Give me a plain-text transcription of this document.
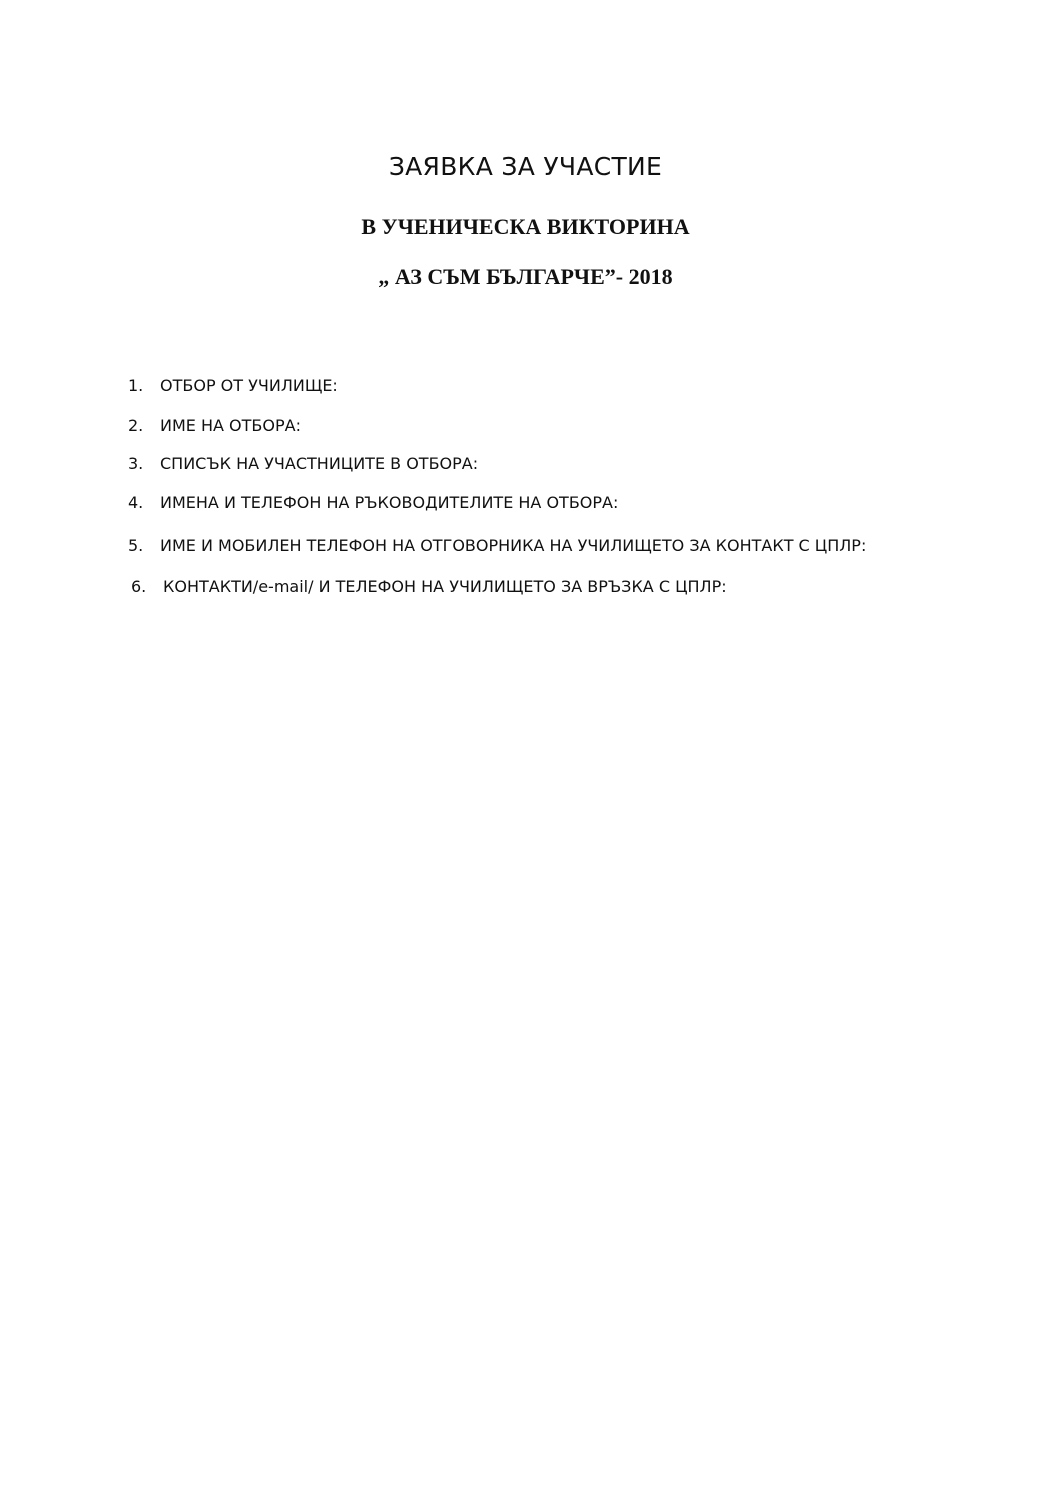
ЗАЯВКА ЗА УЧАСТИЕ
В УЧЕНИЧЕСКА ВИКТОРИНА
„ АЗ СЪМ БЪЛГАРЧЕ”- 2018
1. ОТБОР ОТ УЧИЛИЩЕ:
2. ИМЕ НА ОТБОРА:
3. СПИСЪК НА УЧАСТНИЦИТЕ В ОТБОРА:
4. ИМЕНА И ТЕЛЕФОН НА РЪКОВОДИТЕЛИТЕ НА ОТБОРА:
5. ИМЕ И МОБИЛЕН ТЕЛЕФОН НА ОТГОВОРНИКА НА УЧИЛИЩЕТО ЗА КОНТАКТ С ЦПЛР:
6. КОНТАКТИ/e-mail/ И ТЕЛЕФОН НА УЧИЛИЩЕТО ЗА ВРЪЗКА С ЦПЛР:
